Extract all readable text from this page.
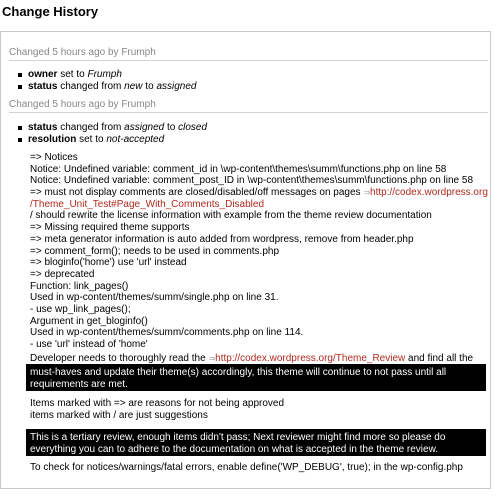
Change History
Changed 5 hours ago by Frumph
owner set to Frumph
status changed from new to assigned
Changed 5 hours ago by Frumph
status changed from assigned to closed
resolution set to not-accepted
=> Notices
Notice: Undefined variable: comment_id in \wp-content\themes\summ\functions.php on line 58
Notice: Undefined variable: comment_post_ID in \wp-content\themes\summ\functions.php on line 58
=> must not display comments are closed/disabled/off messages on pages ⇒http://codex.wordpress.org
/Theme_Unit_Test#Page_With_Comments_Disabled
/ should rewrite the license information with example from the theme review documentation
=> Missing required theme supports
=> meta generator information is auto added from wordpress, remove from header.php
=> comment_form(); needs to be used in comments.php
=> bloginfo('home') use 'url' instead
=> deprecated
Function: link_pages()
Used in wp-content/themes/summ/single.php on line 31.
- use wp_link_pages();
Argument in get_bloginfo()
Used in wp-content/themes/summ/comments.php on line 114.
- use 'url' instead of 'home'
Developer needs to thoroughly read the ⇒http://codex.wordpress.org/Theme_Review and find all the
must-haves and update their theme(s) accordingly, this theme will continue to not pass until all requirements are met.
Items marked with => are reasons for not being approved
items marked with / are just suggestions
This is a tertiary review, enough items didn't pass; Next reviewer might find more so please do everything you can to adhere to the documentation on what is accepted in the theme review.
To check for notices/warnings/fatal errors, enable define('WP_DEBUG', true); in the wp-config.php
